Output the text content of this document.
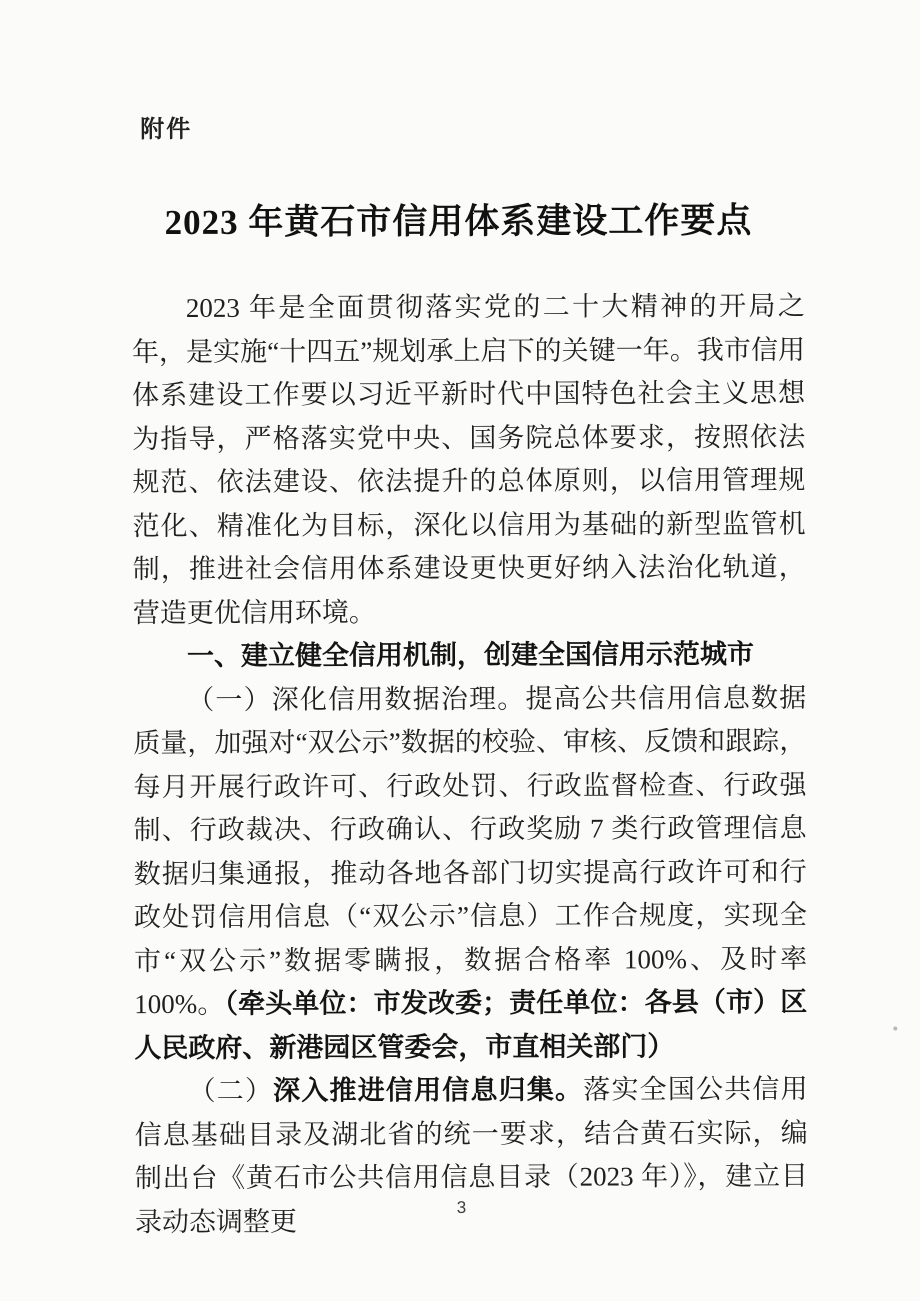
附件
2023 年黄石市信用体系建设工作要点

2023 年是全面贯彻落实党的二十大精神的开局之年，是实施“十四五”规划承上启下的关键一年。我市信用体系建设工作要以习近平新时代中国特色社会主义思想为指导，严格落实党中央、国务院总体要求，按照依法规范、依法建设、依法提升的总体原则，以信用管理规范化、精准化为目标，深化以信用为基础的新型监管机制，推进社会信用体系建设更快更好纳入法治化轨道，营造更优信用环境。

一、建立健全信用机制，创建全国信用示范城市

（一）深化信用数据治理。提高公共信用信息数据质量，加强对“双公示”数据的校验、审核、反馈和跟踪，每月开展行政许可、行政处罚、行政监督检查、行政强制、行政裁决、行政确认、行政奖励 7 类行政管理信息数据归集通报，推动各地各部门切实提高行政许可和行政处罚信用信息（“双公示”信息）工作合规度，实现全市“双公示”数据零瞒报，数据合格率 100%、及时率 100%。（牵头单位：市发改委；责任单位：各县（市）区人民政府、新港园区管委会，市直相关部门）

（二）深入推进信用信息归集。落实全国公共信用信息基础目录及湖北省的统一要求，结合黄石实际，编制出台《黄石市公共信用信息目录（2023 年）》，建立目录动态调整更	3
